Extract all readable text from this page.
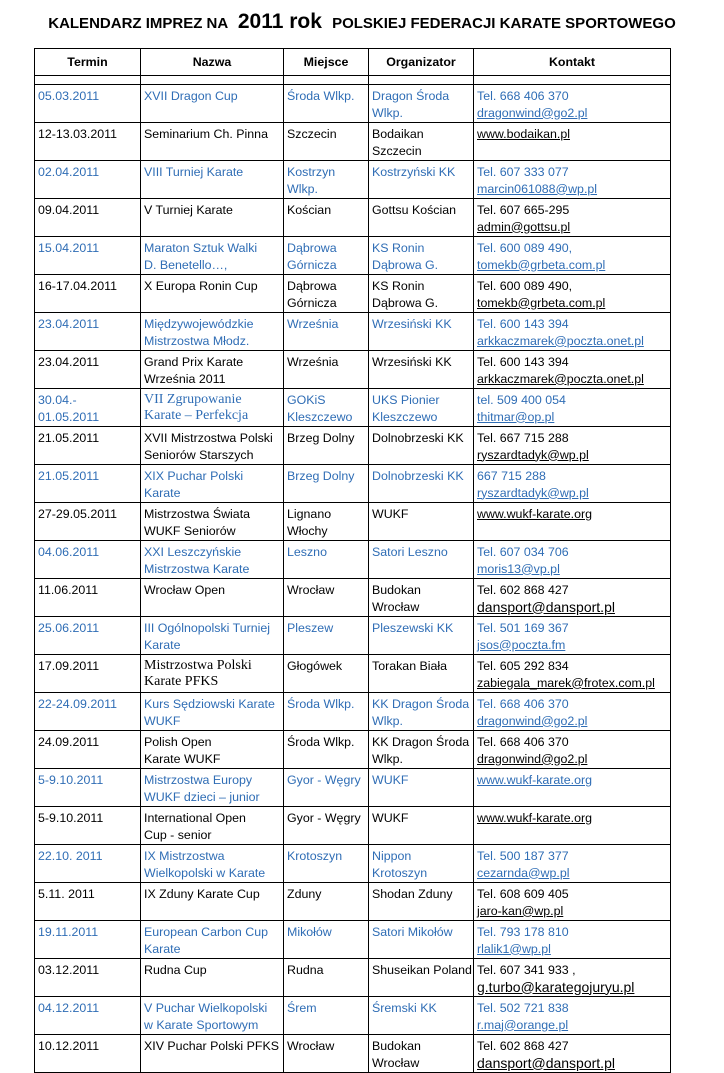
KALENDARZ IMPREZ NA 2011 rok POLSKIEJ FEDERACJI KARATE SPORTOWEGO
Termin	Nazwa	Miejsce	Organizator	Kontakt

05.03.2011	XVII Dragon Cup	Środa Wlkp.	Dragon Środa
Wlkp.	Tel. 668 406 370
dragonwind@go2.pl

12-13.03.2011	Seminarium Ch. Pinna	Szczecin	Bodaikan
Szczecin	www.bodaikan.pl

02.04.2011	VIII Turniej Karate	Kostrzyn
Wlkp.	Kostrzyński KK	Tel. 607 333 077
marcin061088@wp.pl

09.04.2011	V Turniej Karate	Kościan	Gottsu Kościan	Tel. 607 665-295
admin@gottsu.pl

15.04.2011	Maraton Sztuk Walki
D. Benetello…,	Dąbrowa
Górnicza	KS Ronin
Dąbrowa G.	Tel. 600 089 490,
tomekb@grbeta.com.pl

16-17.04.2011	X Europa Ronin Cup	Dąbrowa
Górnicza	KS Ronin
Dąbrowa G.	Tel. 600 089 490,
tomekb@grbeta.com.pl

23.04.2011	Międzywojewódzkie
Mistrzostwa Młodz.	Września	Wrzesiński KK	Tel. 600 143 394
arkkaczmarek@poczta.onet.pl

23.04.2011	Grand Prix Karate
Września 2011	Września	Wrzesiński KK	Tel. 600 143 394
arkkaczmarek@poczta.onet.pl

30.04.-
01.05.2011	VII Zgrupowanie
Karate – Perfekcja	GOKiS
Kleszczewo	UKS Pionier
Kleszczewo	tel. 509 400 054
thitmar@op.pl

21.05.2011	XVII Mistrzostwa Polski
Seniorów Starszych	Brzeg Dolny	Dolnobrzeski KK	Tel. 667 715 288
ryszardtadyk@wp.pl

21.05.2011	XIX Puchar Polski
Karate	Brzeg Dolny	Dolnobrzeski KK	667 715 288
ryszardtadyk@wp.pl

27-29.05.2011	Mistrzostwa Świata
WUKF Seniorów	Lignano
Włochy	WUKF	www.wukf-karate.org

04.06.2011	XXI Leszczyńskie
Mistrzostwa Karate	Leszno	Satori Leszno	Tel. 607 034 706
moris13@vp.pl

11.06.2011	Wrocław Open	Wrocław	Budokan
Wrocław	Tel. 602 868 427
dansport@dansport.pl

25.06.2011	III Ogólnopolski Turniej
Karate	Pleszew	Pleszewski KK	Tel. 501 169 367
jsos@poczta.fm

17.09.2011	Mistrzostwa Polski
Karate PFKS	Głogówek	Torakan Biała	Tel. 605 292 834
zabiegala_marek@frotex.com.pl

22-24.09.2011	Kurs Sędziowski Karate
WUKF	Środa Wlkp.	KK Dragon Środa
Wlkp.	Tel. 668 406 370
dragonwind@go2.pl

24.09.2011	Polish Open
Karate WUKF	Środa Wlkp.	KK Dragon Środa
Wlkp.	Tel. 668 406 370
dragonwind@go2.pl

5-9.10.2011	Mistrzostwa Europy
WUKF dzieci – junior	Gyor - Węgry	WUKF	www.wukf-karate.org

5-9.10.2011	International Open
Cup - senior	Gyor - Węgry	WUKF	www.wukf-karate.org

22.10. 2011	IX Mistrzostwa
Wielkopolski w Karate	Krotoszyn	Nippon
Krotoszyn	Tel. 500 187 377
cezarnda@wp.pl

5.11. 2011	IX Zduny Karate Cup	Zduny	Shodan Zduny	Tel. 608 609 405
jaro-kan@wp.pl

19.11.2011	European Carbon Cup
Karate	Mikołów	Satori Mikołów	Tel. 793 178 810
rlalik1@wp.pl

03.12.2011	Rudna Cup	Rudna	Shuseikan Poland	Tel. 607 341 933 ,
g.turbo@karategojuryu.pl

04.12.2011	V Puchar Wielkopolski
w Karate Sportowym	Śrem	Śremski KK	Tel. 502 721 838
r.maj@orange.pl

10.12.2011	XIV Puchar Polski PFKS	Wrocław	Budokan
Wrocław	Tel. 602 868 427
dansport@dansport.pl
